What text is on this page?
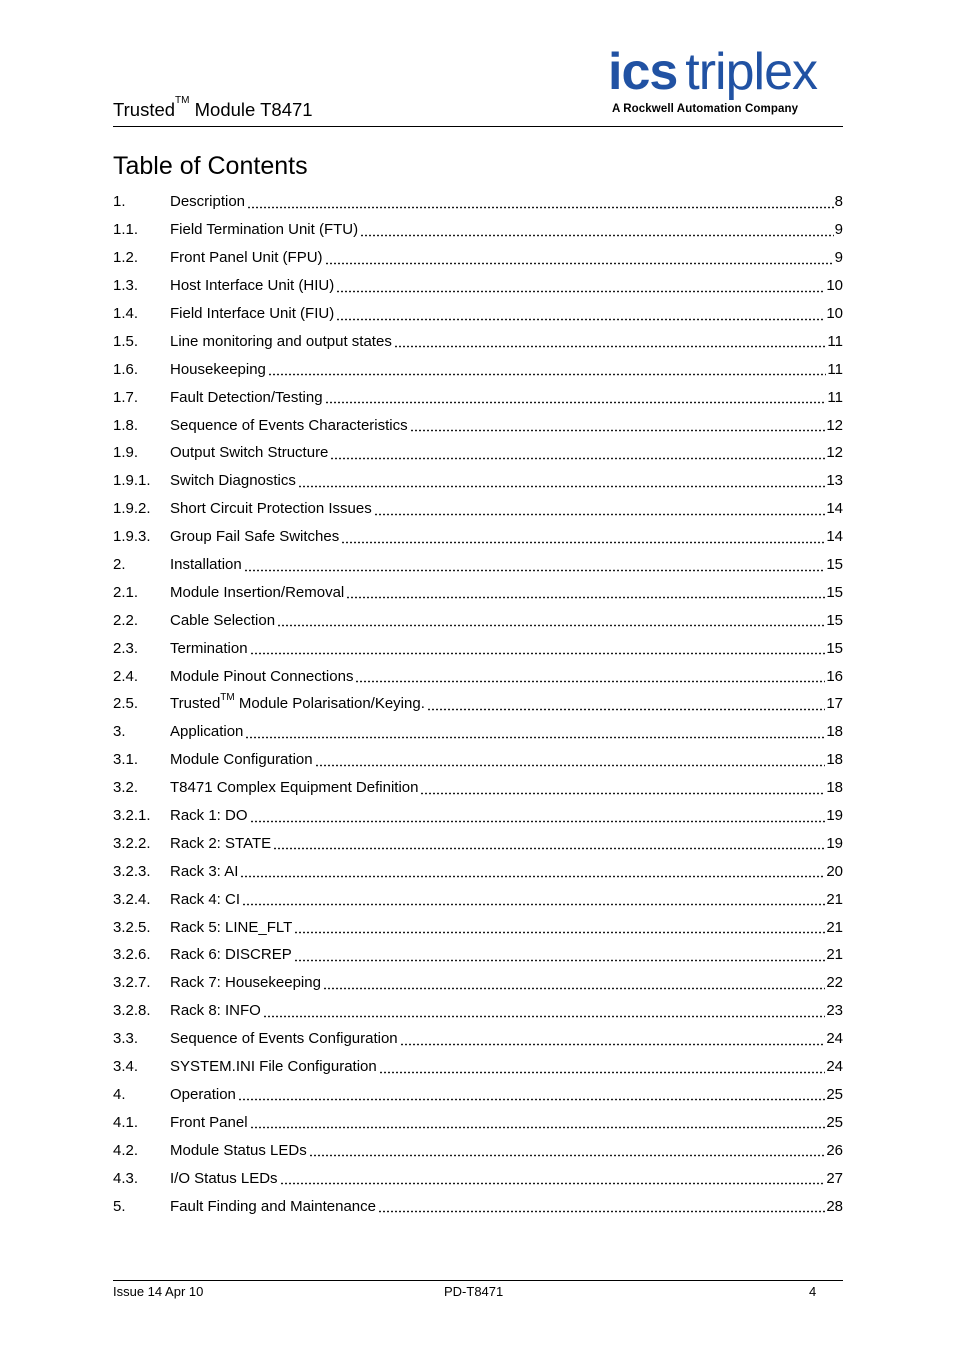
Trusted™ Module T8471
ics triplex
A Rockwell Automation Company
Table of Contents
1.	Description	8
1.1.	Field Termination Unit (FTU)	9
1.2.	Front Panel Unit (FPU)	9
1.3.	Host Interface Unit (HIU)	10
1.4.	Field Interface Unit (FIU)	10
1.5.	Line monitoring and output states	11
1.6.	Housekeeping	11
1.7.	Fault Detection/Testing	11
1.8.	Sequence of Events Characteristics	12
1.9.	Output Switch Structure	12
1.9.1.	Switch Diagnostics	13
1.9.2.	Short Circuit Protection Issues	14
1.9.3.	Group Fail Safe Switches	14
2.	Installation	15
2.1.	Module Insertion/Removal	15
2.2.	Cable Selection	15
2.3.	Termination	15
2.4.	Module Pinout Connections	16
2.5.	Trusted™ Module Polarisation/Keying.	17
3.	Application	18
3.1.	Module Configuration	18
3.2.	T8471 Complex Equipment Definition	18
3.2.1.	Rack 1: DO	19
3.2.2.	Rack 2: STATE	19
3.2.3.	Rack 3: AI	20
3.2.4.	Rack 4: CI	21
3.2.5.	Rack 5: LINE_FLT	21
3.2.6.	Rack 6: DISCREP	21
3.2.7.	Rack 7: Housekeeping	22
3.2.8.	Rack 8: INFO	23
3.3.	Sequence of Events Configuration	24
3.4.	SYSTEM.INI File Configuration	24
4.	Operation	25
4.1.	Front Panel	25
4.2.	Module Status LEDs	26
4.3.	I/O Status LEDs	27
5.	Fault Finding and Maintenance	28
Issue 14 Apr 10	PD-T8471	4
